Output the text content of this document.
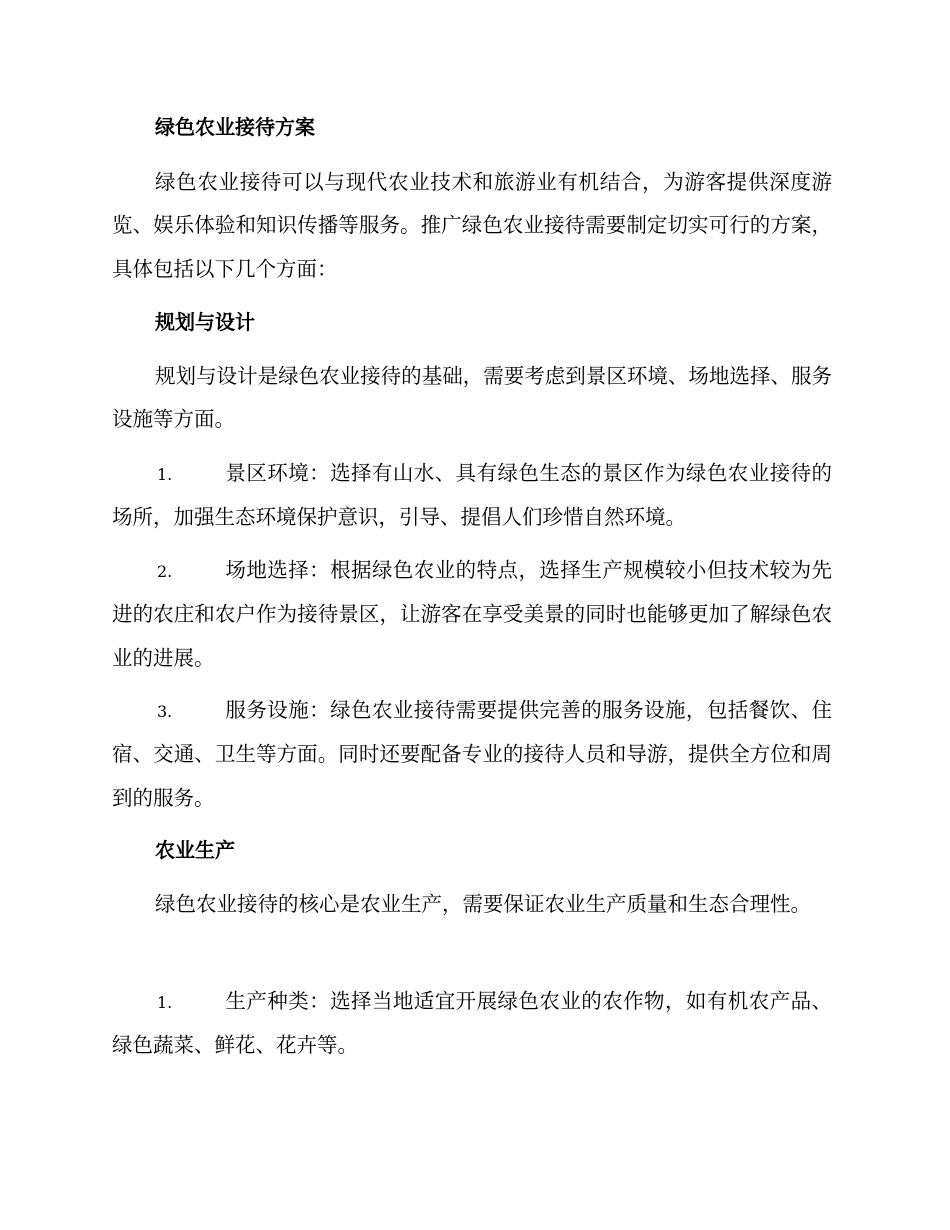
绿色农业接待方案

绿色农业接待可以与现代农业技术和旅游业有机结合，为游客提供深度游览、娱乐体验和知识传播等服务。推广绿色农业接待需要制定切实可行的方案，具体包括以下几个方面：

规划与设计

规划与设计是绿色农业接待的基础，需要考虑到景区环境、场地选择、服务设施等方面。

1.	景区环境：选择有山水、具有绿色生态的景区作为绿色农业接待的场所，加强生态环境保护意识，引导、提倡人们珍惜自然环境。

2.	场地选择：根据绿色农业的特点，选择生产规模较小但技术较为先进的农庄和农户作为接待景区，让游客在享受美景的同时也能够更加了解绿色农业的进展。

3.	服务设施：绿色农业接待需要提供完善的服务设施，包括餐饮、住宿、交通、卫生等方面。同时还要配备专业的接待人员和导游，提供全方位和周到的服务。

农业生产

绿色农业接待的核心是农业生产，需要保证农业生产质量和生态合理性。

1.	生产种类：选择当地适宜开展绿色农业的农作物，如有机农产品、绿色蔬菜、鲜花、花卉等。
